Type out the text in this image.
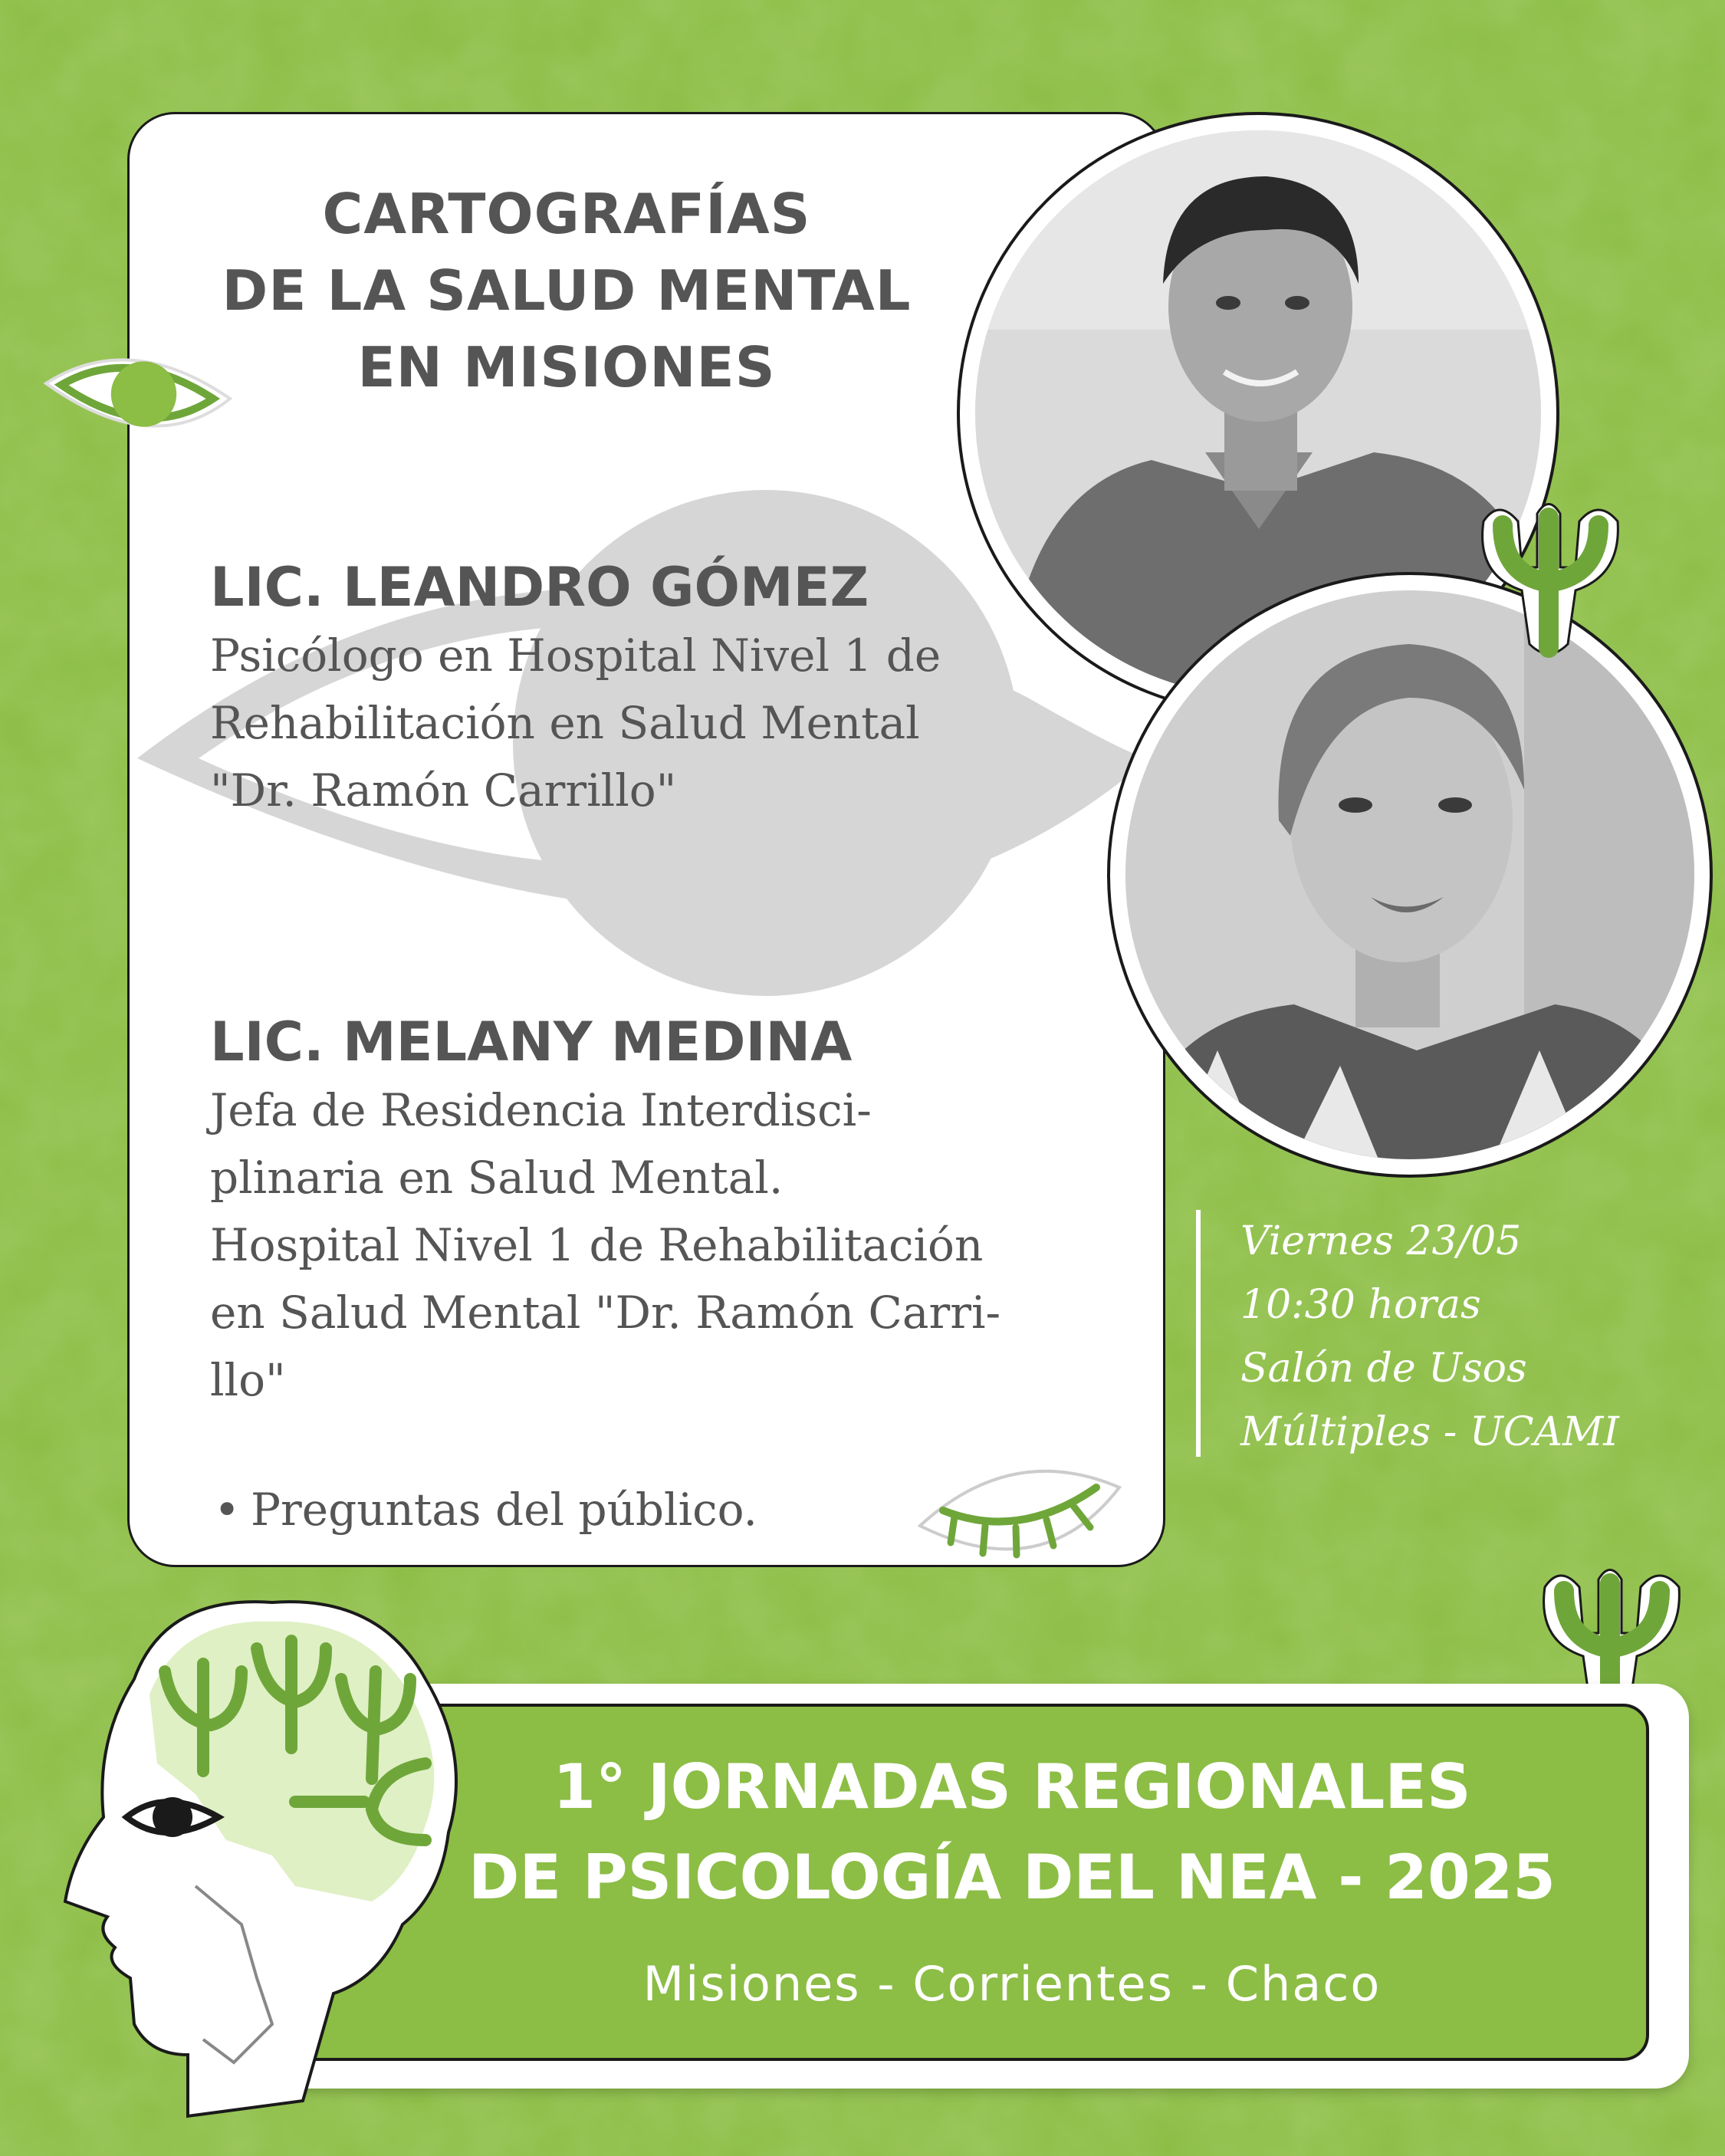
CARTOGRAFÍAS
DE LA SALUD MENTAL
EN MISIONES

LIC. LEANDRO GÓMEZ

Psicólogo en Hospital Nivel 1 de
Rehabilitación en Salud Mental
"Dr. Ramón Carrillo"

LIC. MELANY MEDINA

Jefa de Residencia Interdisci-
plinaria en Salud Mental.
Hospital Nivel 1 de Rehabilitación
en Salud Mental "Dr. Ramón Carri-
llo"

• Preguntas del público.

Viernes 23/05

10:30 horas

Salón de Usos

Múltiples - UCAMI

1° JORNADAS REGIONALES
DE PSICOLOGÍA DEL NEA - 2025

Misiones - Corrientes - Chaco
